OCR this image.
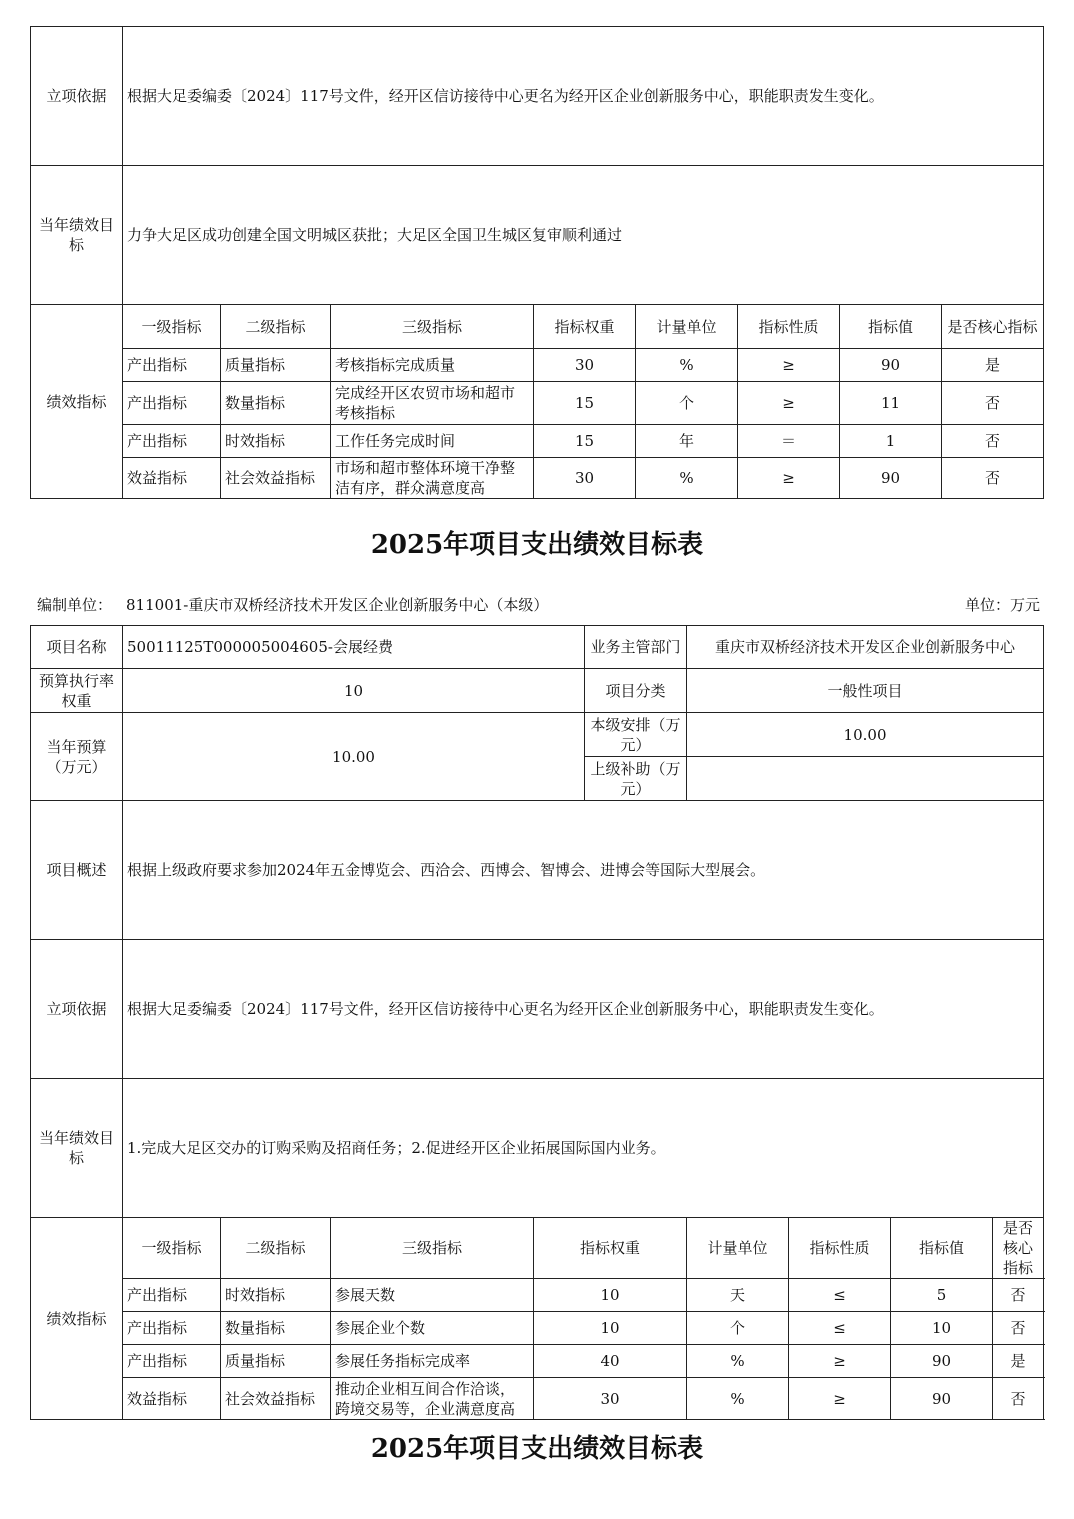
立项依据	根据大足委编委〔2024〕117号文件，经开区信访接待中心更名为经开区企业创新服务中心，职能职责发生变化。							
当年绩效目标	力争大足区成功创建全国文明城区获批；大足区全国卫生城区复审顺利通过							
绩效指标	一级指标	二级指标	三级指标	指标权重	计量单位	指标性质	指标值	是否核心指标
	产出指标	质量指标	考核指标完成质量	30	%	≥	90	是
	产出指标	数量指标	完成经开区农贸市场和超市考核指标	15	个	≥	11	否
	产出指标	时效指标	工作任务完成时间	15	年	＝	1	否
	效益指标	社会效益指标	市场和超市整体环境干净整洁有序，群众满意度高	30	%	≥	90	否
2025年项目支出绩效目标表
编制单位： 811001-重庆市双桥经济技术开发区企业创新服务中心（本级）	单位：万元
项目名称	50011125T000005004605-会展经费				业务主管部门	重庆市双桥经济技术开发区企业创新服务中心			
预算执行率权重	10				项目分类	一般性项目			
当年预算（万元）	10.00				本级安排（万元）	10.00			
					上级补助（万元）				
项目概述	根据上级政府要求参加2024年五金博览会、西洽会、西博会、智博会、进博会等国际大型展会。								
立项依据	根据大足委编委〔2024〕117号文件，经开区信访接待中心更名为经开区企业创新服务中心，职能职责发生变化。								
当年绩效目标	1.完成大足区交办的订购采购及招商任务；2.促进经开区企业拓展国际国内业务。								
绩效指标	一级指标	二级指标	三级指标	指标权重		计量单位	指标性质	指标值	是否核心指标
	产出指标	时效指标	参展天数	10		天	≤	5	否
	产出指标	数量指标	参展企业个数	10		个	≤	10	否
	产出指标	质量指标	参展任务指标完成率	40		%	≥	90	是
	效益指标	社会效益指标	推动企业相互间合作洽谈，跨境交易等，企业满意度高	30		%	≥	90	否
2025年项目支出绩效目标表
